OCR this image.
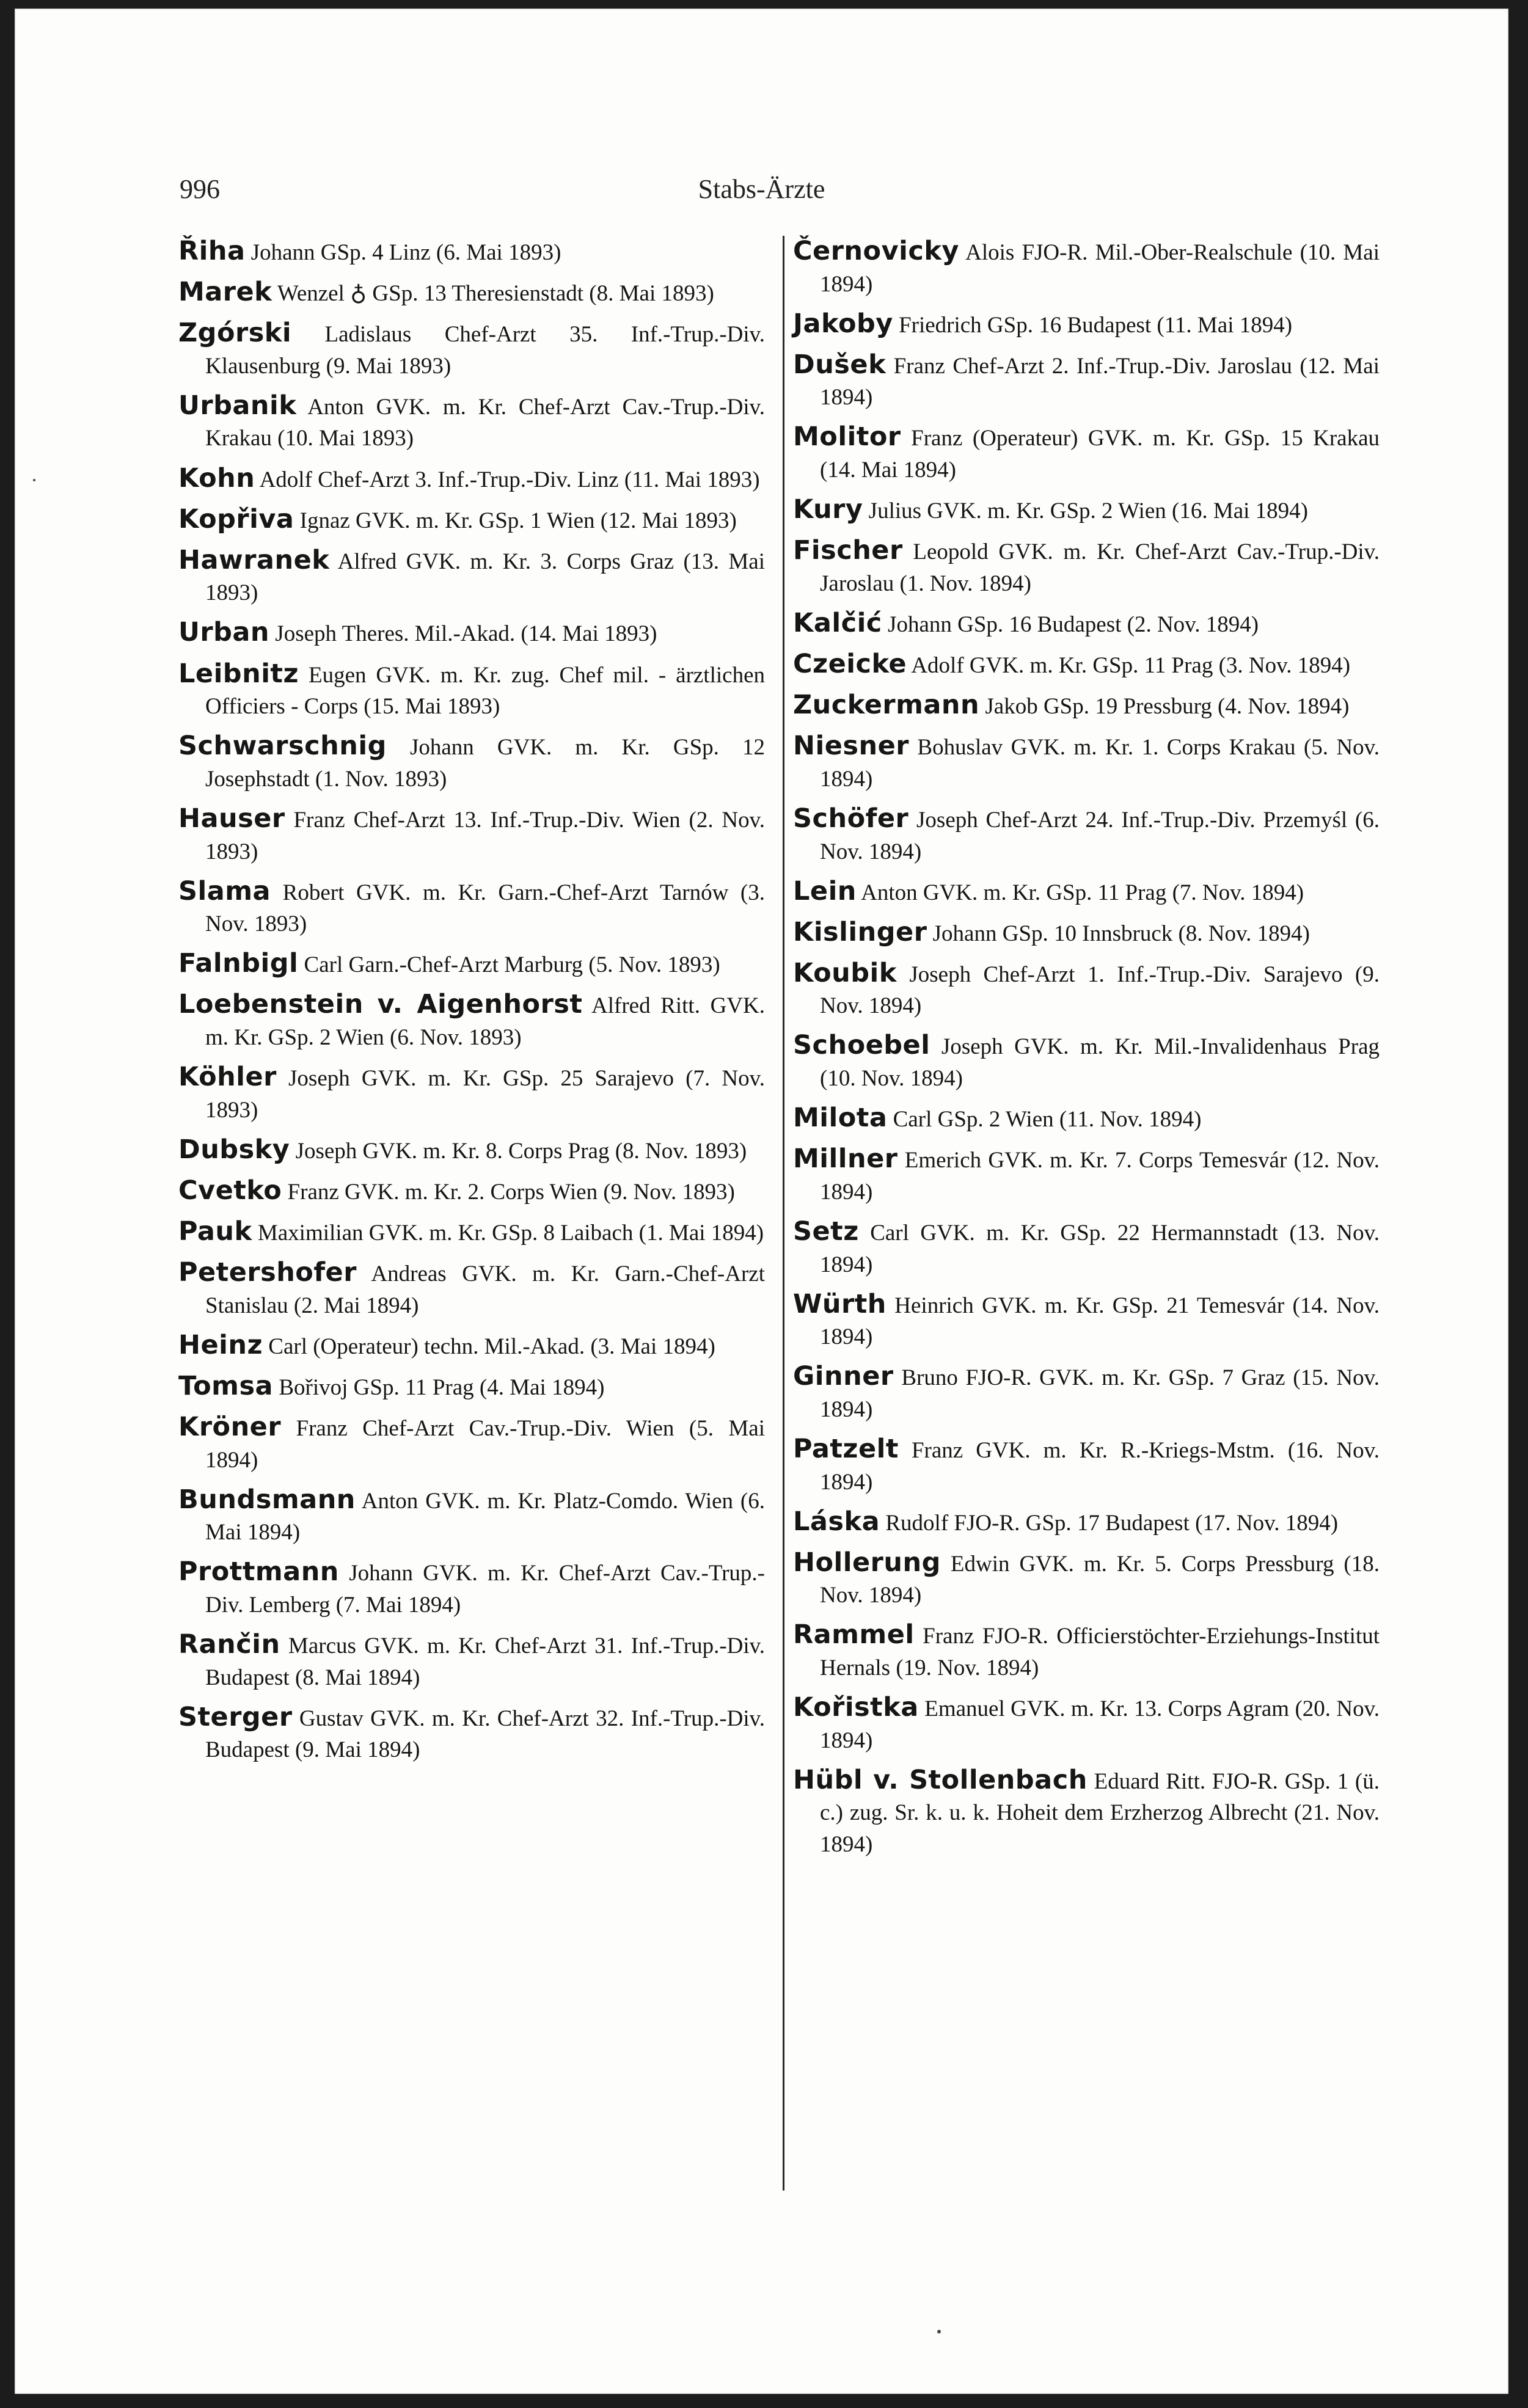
996	Stabs-Ärzte

Řiha Johann GSp. 4 Linz (6. Mai 1893)

Marek Wenzel ♁ GSp. 13 Theresienstadt (8. Mai 1893)

Zgórski Ladislaus Chef-Arzt 35. Inf.-Trup.-Div. Klausenburg (9. Mai 1893)

Urbanik Anton GVK. m. Kr. Chef-Arzt Cav.-Trup.-Div. Krakau (10. Mai 1893)

Kohn Adolf Chef-Arzt 3. Inf.-Trup.-Div. Linz (11. Mai 1893)

Kopřiva Ignaz GVK. m. Kr. GSp. 1 Wien (12. Mai 1893)

Hawranek Alfred GVK. m. Kr. 3. Corps Graz (13. Mai 1893)

Urban Joseph Theres. Mil.-Akad. (14. Mai 1893)

Leibnitz Eugen GVK. m. Kr. zug. Chef mil. - ärztlichen Officiers - Corps (15. Mai 1893)

Schwarschnig Johann GVK. m. Kr. GSp. 12 Josephstadt (1. Nov. 1893)

Hauser Franz Chef-Arzt 13. Inf.-Trup.-Div. Wien (2. Nov. 1893)

Slama Robert GVK. m. Kr. Garn.-Chef-Arzt Tarnów (3. Nov. 1893)

Falnbigl Carl Garn.-Chef-Arzt Marburg (5. Nov. 1893)

Loebenstein v. Aigenhorst Alfred Ritt. GVK. m. Kr. GSp. 2 Wien (6. Nov. 1893)

Köhler Joseph GVK. m. Kr. GSp. 25 Sarajevo (7. Nov. 1893)

Dubsky Joseph GVK. m. Kr. 8. Corps Prag (8. Nov. 1893)

Cvetko Franz GVK. m. Kr. 2. Corps Wien (9. Nov. 1893)

Pauk Maximilian GVK. m. Kr. GSp. 8 Laibach (1. Mai 1894)

Petershofer Andreas GVK. m. Kr. Garn.-Chef-Arzt Stanislau (2. Mai 1894)

Heinz Carl (Operateur) techn. Mil.-Akad. (3. Mai 1894)

Tomsa Bořivoj GSp. 11 Prag (4. Mai 1894)

Kröner Franz Chef-Arzt Cav.-Trup.-Div. Wien (5. Mai 1894)

Bundsmann Anton GVK. m. Kr. Platz-Comdo. Wien (6. Mai 1894)

Prottmann Johann GVK. m. Kr. Chef-Arzt Cav.-Trup.-Div. Lemberg (7. Mai 1894)

Rančin Marcus GVK. m. Kr. Chef-Arzt 31. Inf.-Trup.-Div. Budapest (8. Mai 1894)

Sterger Gustav GVK. m. Kr. Chef-Arzt 32. Inf.-Trup.-Div. Budapest (9. Mai 1894)

Černovicky Alois FJO-R. Mil.-Ober-Realschule (10. Mai 1894)

Jakoby Friedrich GSp. 16 Budapest (11. Mai 1894)

Dušek Franz Chef-Arzt 2. Inf.-Trup.-Div. Jaroslau (12. Mai 1894)

Molitor Franz (Operateur) GVK. m. Kr. GSp. 15 Krakau (14. Mai 1894)

Kury Julius GVK. m. Kr. GSp. 2 Wien (16. Mai 1894)

Fischer Leopold GVK. m. Kr. Chef-Arzt Cav.-Trup.-Div. Jaroslau (1. Nov. 1894)

Kalčić Johann GSp. 16 Budapest (2. Nov. 1894)

Czeicke Adolf GVK. m. Kr. GSp. 11 Prag (3. Nov. 1894)

Zuckermann Jakob GSp. 19 Pressburg (4. Nov. 1894)

Niesner Bohuslav GVK. m. Kr. 1. Corps Krakau (5. Nov. 1894)

Schöfer Joseph Chef-Arzt 24. Inf.-Trup.-Div. Przemyśl (6. Nov. 1894)

Lein Anton GVK. m. Kr. GSp. 11 Prag (7. Nov. 1894)

Kislinger Johann GSp. 10 Innsbruck (8. Nov. 1894)

Koubik Joseph Chef-Arzt 1. Inf.-Trup.-Div. Sarajevo (9. Nov. 1894)

Schoebel Joseph GVK. m. Kr. Mil.-Invalidenhaus Prag (10. Nov. 1894)

Milota Carl GSp. 2 Wien (11. Nov. 1894)

Millner Emerich GVK. m. Kr. 7. Corps Temesvár (12. Nov. 1894)

Setz Carl GVK. m. Kr. GSp. 22 Hermannstadt (13. Nov. 1894)

Würth Heinrich GVK. m. Kr. GSp. 21 Temesvár (14. Nov. 1894)

Ginner Bruno FJO-R. GVK. m. Kr. GSp. 7 Graz (15. Nov. 1894)

Patzelt Franz GVK. m. Kr. R.-Kriegs-Mstm. (16. Nov. 1894)

Láska Rudolf FJO-R. GSp. 17 Budapest (17. Nov. 1894)

Hollerung Edwin GVK. m. Kr. 5. Corps Pressburg (18. Nov. 1894)

Rammel Franz FJO-R. Officierstöchter-Erziehungs-Institut Hernals (19. Nov. 1894)

Kořistka Emanuel GVK. m. Kr. 13. Corps Agram (20. Nov. 1894)

Hübl v. Stollenbach Eduard Ritt. FJO-R. GSp. 1 (ü. c.) zug. Sr. k. u. k. Hoheit dem Erzherzog Albrecht (21. Nov. 1894)
